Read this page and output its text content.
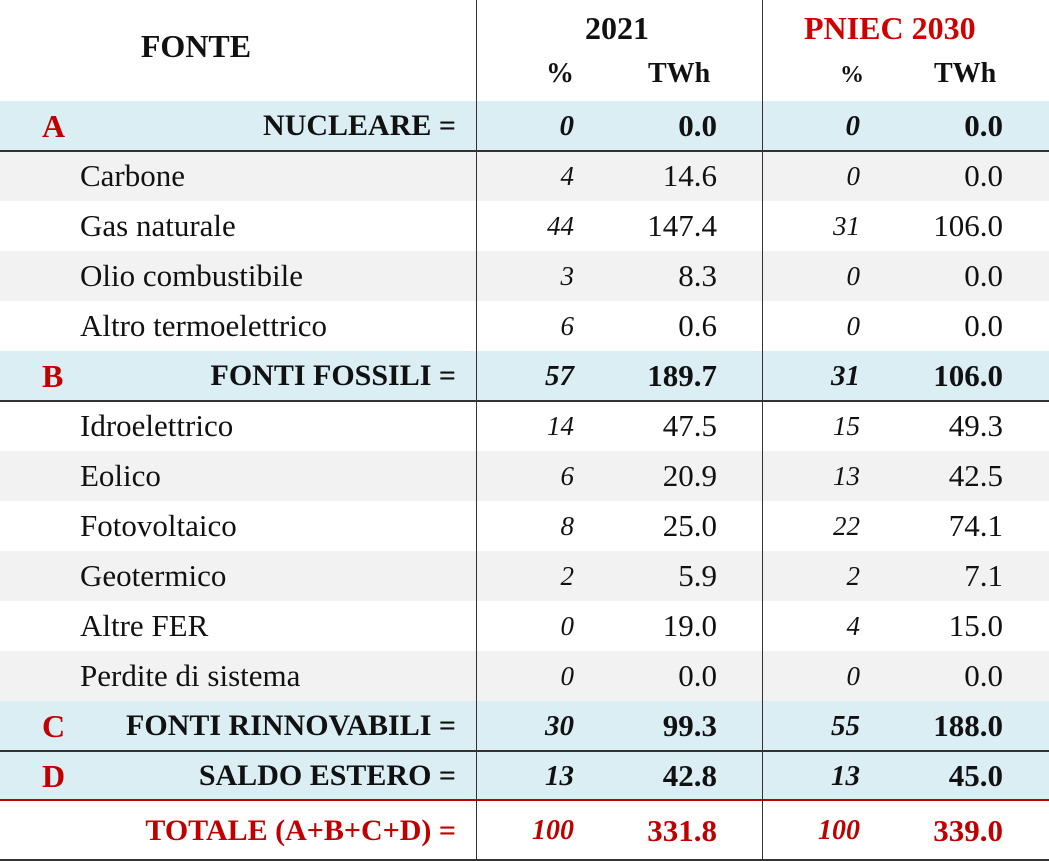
FONTE	2021	PNIEC 2030
%	TWh	%	TWh
A	NUCLEARE =	0	0.0	0	0.0
Carbone	4	14.6	0	0.0
Gas naturale	44	147.4	31	106.0
Olio combustibile	3	8.3	0	0.0
Altro termoelettrico	6	0.6	0	0.0
B	FONTI FOSSILI =	57	189.7	31	106.0
Idroelettrico	14	47.5	15	49.3
Eolico	6	20.9	13	42.5
Fotovoltaico	8	25.0	22	74.1
Geotermico	2	5.9	2	7.1
Altre FER	0	19.0	4	15.0
Perdite di sistema	0	0.0	0	0.0
C FONTI RINNOVABILI =	30	99.3	55	188.0
D	SALDO ESTERO =	13	42.8	13	45.0
TOTALE (A+B+C+D) =	100	331.8	100	339.0
